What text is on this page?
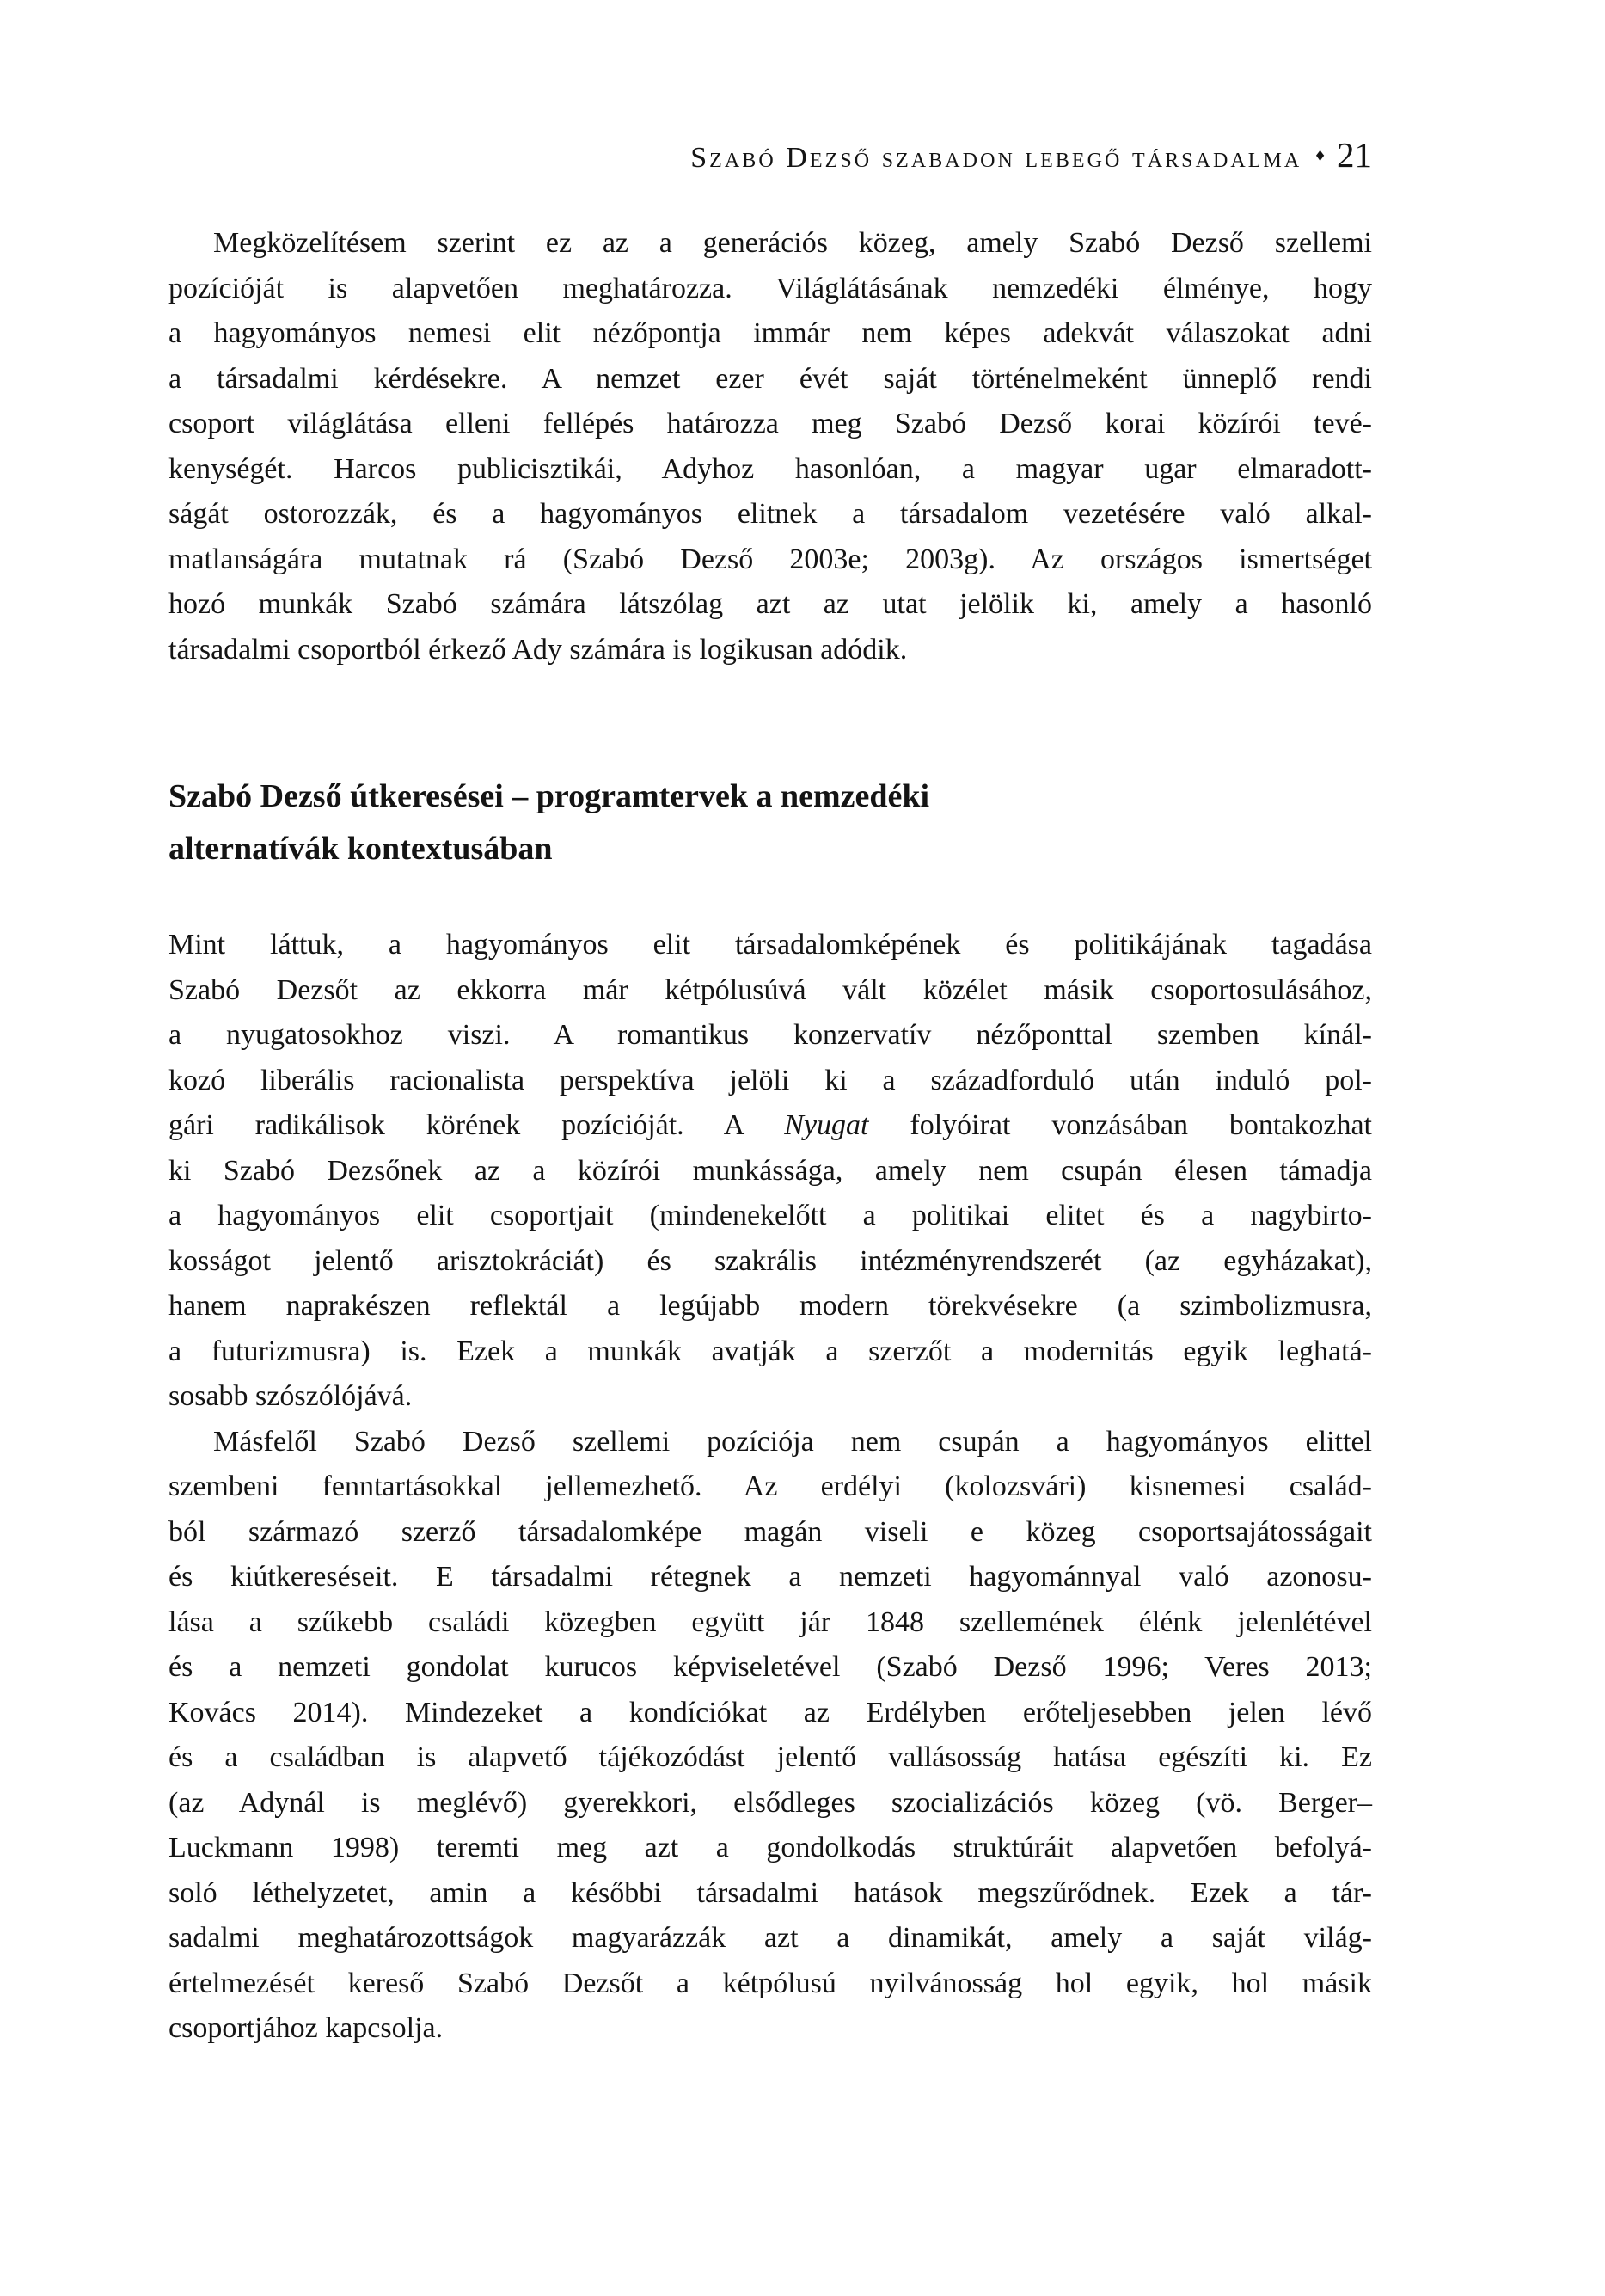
Szabó Dezső szabadon lebegő társadalma ♦ 21
Megközelítésem szerint ez az a generációs közeg, amely Szabó Dezső szellemi
pozícióját is alapvetően meghatározza. Világlátásának nemzedéki élménye, hogy
a hagyományos nemesi elit nézőpontja immár nem képes adekvát válaszokat adni
a társadalmi kérdésekre. A nemzet ezer évét saját történelmeként ünneplő rendi
csoport világlátása elleni fellépés határozza meg Szabó Dezső korai közírói tevé-
kenységét. Harcos publicisztikái, Adyhoz hasonlóan, a magyar ugar elmaradott-
ságát ostorozzák, és a hagyományos elitnek a társadalom vezetésére való alkal-
matlanságára mutatnak rá (Szabó Dezső 2003e; 2003g). Az országos ismertséget
hozó munkák Szabó számára látszólag azt az utat jelölik ki, amely a hasonló
társadalmi csoportból érkező Ady számára is logikusan adódik.
Szabó Dezső útkeresései – programtervek a nemzedéki
alternatívák kontextusában
Mint láttuk, a hagyományos elit társadalomképének és politikájának tagadása
Szabó Dezsőt az ekkorra már kétpólusúvá vált közélet másik csoportosulásához,
a nyugatosokhoz viszi. A romantikus konzervatív nézőponttal szemben kínál-
kozó liberális racionalista perspektíva jelöli ki a századforduló után induló pol-
gári radikálisok körének pozícióját. A Nyugat folyóirat vonzásában bontakozhat
ki Szabó Dezsőnek az a közírói munkássága, amely nem csupán élesen támadja
a hagyományos elit csoportjait (mindenekelőtt a politikai elitet és a nagybirto-
kosságot jelentő arisztokráciát) és szakrális intézményrendszerét (az egyházakat),
hanem naprakészen reflektál a legújabb modern törekvésekre (a szimbolizmusra,
a futurizmusra) is. Ezek a munkák avatják a szerzőt a modernitás egyik leghatá-
sosabb szószólójává.
Másfelől Szabó Dezső szellemi pozíciója nem csupán a hagyományos elittel
szembeni fenntartásokkal jellemezhető. Az erdélyi (kolozsvári) kisnemesi család-
ból származó szerző társadalomképe magán viseli e közeg csoportsajátosságait
és kiútkereséseit. E társadalmi rétegnek a nemzeti hagyománnyal való azonosu-
lása a szűkebb családi közegben együtt jár 1848 szellemének élénk jelenlétével
és a nemzeti gondolat kurucos képviseletével (Szabó Dezső 1996; Veres 2013;
Kovács 2014). Mindezeket a kondíciókat az Erdélyben erőteljesebben jelen lévő
és a családban is alapvető tájékozódást jelentő vallásosság hatása egészíti ki. Ez
(az Adynál is meglévő) gyerekkori, elsődleges szocializációs közeg (vö. Berger–
Luckmann 1998) teremti meg azt a gondolkodás struktúráit alapvetően befolyá-
soló léthelyzetet, amin a későbbi társadalmi hatások megszűrődnek. Ezek a tár-
sadalmi meghatározottságok magyarázzák azt a dinamikát, amely a saját világ-
értelmezését kereső Szabó Dezsőt a kétpólusú nyilvánosság hol egyik, hol másik
csoportjához kapcsolja.
